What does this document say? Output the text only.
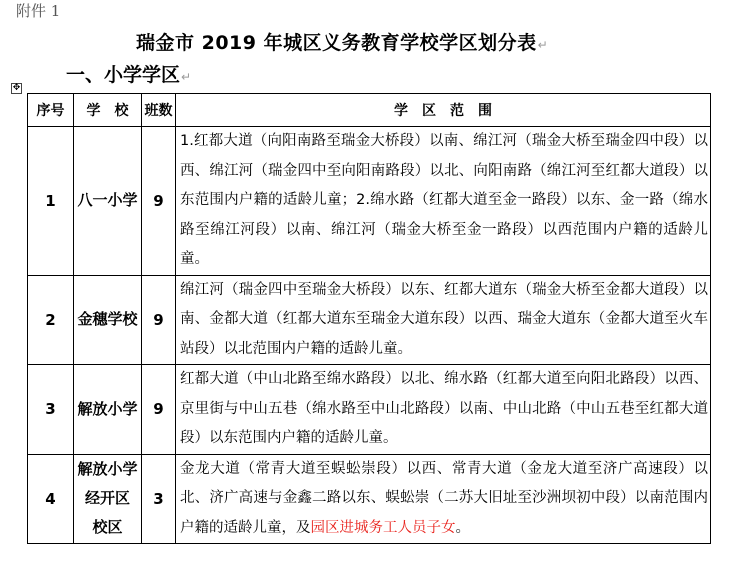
附件 1
瑞金市 2019 年城区义务教育学校学区划分表↵
一、小学学区↵
✥
序号	学　校	班数	学　区　范　围
1	八一小学	9	1.红都大道（向阳南路至瑞金大桥段）以南、绵江河（瑞金大桥至瑞金四中段）以西、绵江河（瑞金四中至向阳南路段）以北、向阳南路（绵江河至红都大道段）以东范围内户籍的适龄儿童；2.绵水路（红都大道至金一路段）以东、金一路（绵水路至绵江河段）以南、绵江河（瑞金大桥至金一路段）以西范围内户籍的适龄儿童。
2	金穗学校	9	绵江河（瑞金四中至瑞金大桥段）以东、红都大道东（瑞金大桥至金都大道段）以南、金都大道（红都大道东至瑞金大道东段）以西、瑞金大道东（金都大道至火车站段）以北范围内户籍的适龄儿童。
3	解放小学	9	红都大道（中山北路至绵水路段）以北、绵水路（红都大道至向阳北路段）以西、京里街与中山五巷（绵水路至中山北路段）以南、中山北路（中山五巷至红都大道段）以东范围内户籍的适龄儿童。
4	解放小学
经开区
校区	3	金龙大道（常青大道至蜈蚣崇段）以西、常青大道（金龙大道至济广高速段）以北、济广高速与金鑫二路以东、蜈蚣崇（二苏大旧址至沙洲坝初中段）以南范围内户籍的适龄儿童，及园区进城务工人员子女。
